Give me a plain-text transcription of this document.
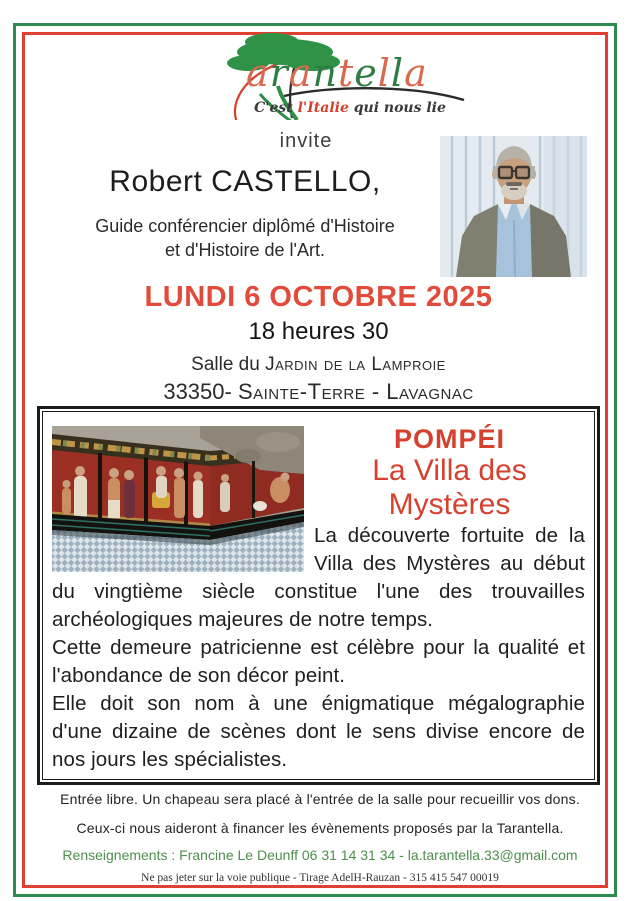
arantella
C'est l'Italie qui nous lie
invite
Robert CASTELLO,
Guide conférencier diplômé d'Histoire
et d'Histoire de l'Art.
LUNDI 6 OCTOBRE 2025
18 heures 30
Salle du Jardin de la Lamproie
33350- Sainte-Terre - Lavagnac
POMPÉI
La Villa des Mystères

La découverte fortuite de la Villa des Mystères au début du vingtième siècle constitue l'une des trouvailles archéologiques majeures de notre temps.

Cette demeure patricienne est célèbre pour la qualité et l'abondance de son décor peint.

Elle doit son nom à une énigmatique mégalographie d'une dizaine de scènes dont le sens divise encore de nos jours les spécialistes.

Entrée libre. Un chapeau sera placé à l'entrée de la salle pour recueillir vos dons.
Ceux-ci nous aideront à financer les évènements proposés par la Tarantella.
Renseignements : Francine Le Deunff 06 31 14 31 34 - la.tarantella.33@gmail.com
Ne pas jeter sur la voie publique - Tirage AdelH-Rauzan - 315 415 547 00019
